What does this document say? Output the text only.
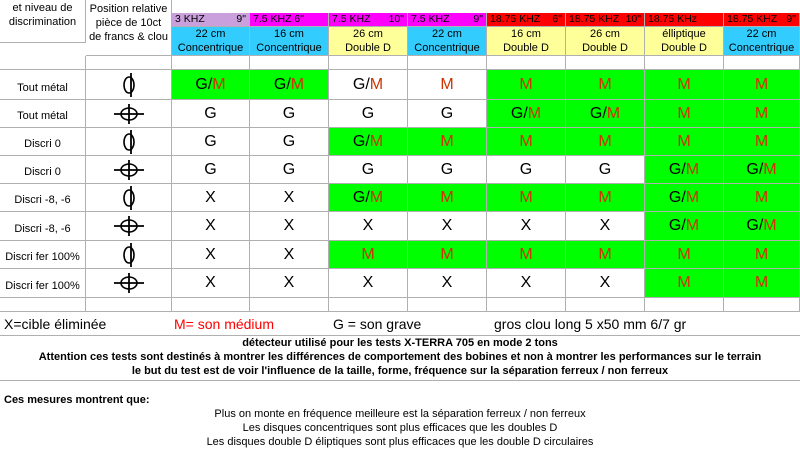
et niveau de
discrimination
Position relative
pièce de 10ct
de francs & clou
3 KHZ	9"
22 cm
Concentrique
7.5 KHZ 6"
16 cm
Concentrique
7.5 KHZ 10"
26 cm
Double D
7.5 KHZ 9"
22 cm
Concentrique
18.75 KHZ 6"
16 cm
Double D
18.75 KHZ 10"
26 cm
Double D
18.75 KHz
élliptique
Double D
18.75 KHZ 9"
22 cm
Concentrique
Tout métal	G / M	G / M	G / M	M	M	M	M	M
Tout métal	G	G	G	G	G / M	G / M	M	M
Discri 0	G	G	G / M	M	M	M	M	M
Discri 0	G	G	G	G	G	G	G / M	G / M
Discri -8, -6	X	X	G / M	M	M	M	G / M	M
Discri -8, -6	X	X	X	X	X	X	G / M	G / M
Discri fer 100%	X	X	M	M	M	M	M	M
Discri fer 100%	X	X	X	X	X	X	M	M
X=cible éliminée	M= son médium	G = son grave	gros clou long 5 x50 mm 6/7 gr
détecteur utilisé pour les tests X-TERRA 705 en mode 2 tons
Attention ces tests sont destinés à montrer les différences de comportement des bobines et non à montrer les performances sur le terrain
le but du test est de voir l'influence de la taille, forme, fréquence sur la séparation ferreux / non ferreux
Ces mesures montrent que:
Plus on monte en fréquence meilleure est la séparation ferreux / non ferreux
Les disques concentriques sont plus efficaces que les doubles D
Les disques double D éliptiques sont plus efficaces que les double D circulaires
